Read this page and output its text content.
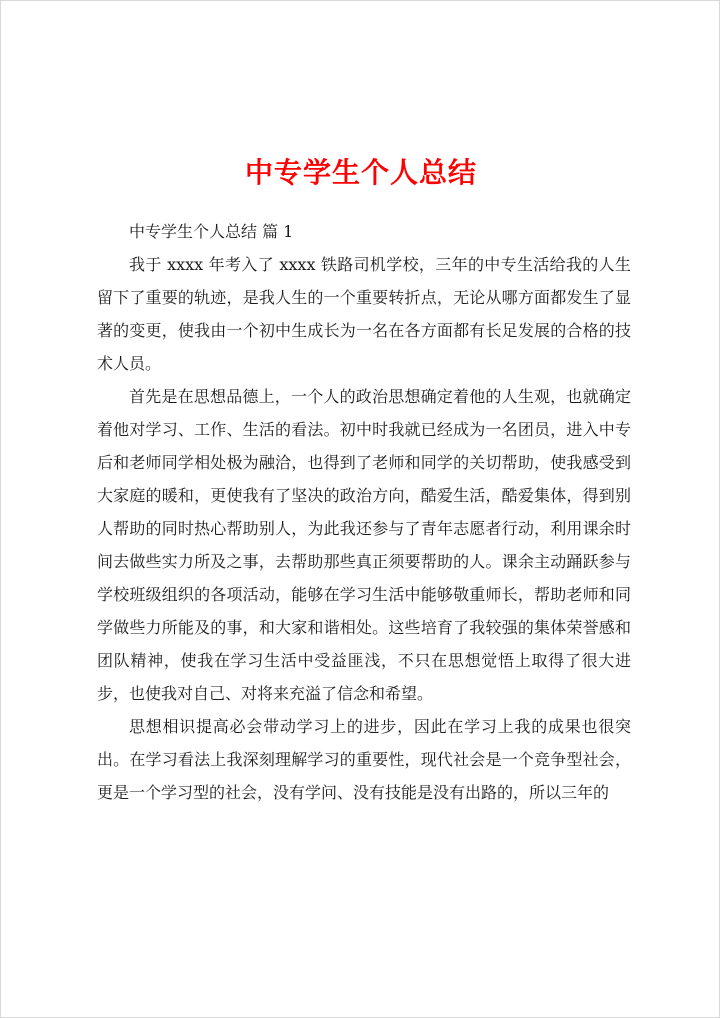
中专学生个人总结

中专学生个人总结 篇 1

我于 xxxx 年考入了 xxxx 铁路司机学校，三年的中专生活给我的人生留下了重要的轨迹，是我人生的一个重要转折点，无论从哪方面都发生了显著的变更，使我由一个初中生成长为一名在各方面都有长足发展的合格的技术人员。

首先是在思想品德上，一个人的政治思想确定着他的人生观，也就确定着他对学习、工作、生活的看法。初中时我就已经成为一名团员，进入中专后和老师同学相处极为融洽，也得到了老师和同学的关切帮助，使我感受到大家庭的暖和，更使我有了坚决的政治方向，酷爱生活，酷爱集体，得到别人帮助的同时热心帮助别人，为此我还参与了青年志愿者行动，利用课余时间去做些实力所及之事，去帮助那些真正须要帮助的人。课余主动踊跃参与学校班级组织的各项活动，能够在学习生活中能够敬重师长，帮助老师和同学做些力所能及的事，和大家和谐相处。这些培育了我较强的集体荣誉感和团队精神，使我在学习生活中受益匪浅，不只在思想觉悟上取得了很大进步，也使我对自己、对将来充溢了信念和希望。

思想相识提高必会带动学习上的进步，因此在学习上我的成果也很突出。在学习看法上我深刻理解学习的重要性，现代社会是一个竞争型社会，更是一个学习型的社会，没有学问、没有技能是没有出路的，所以三年的
